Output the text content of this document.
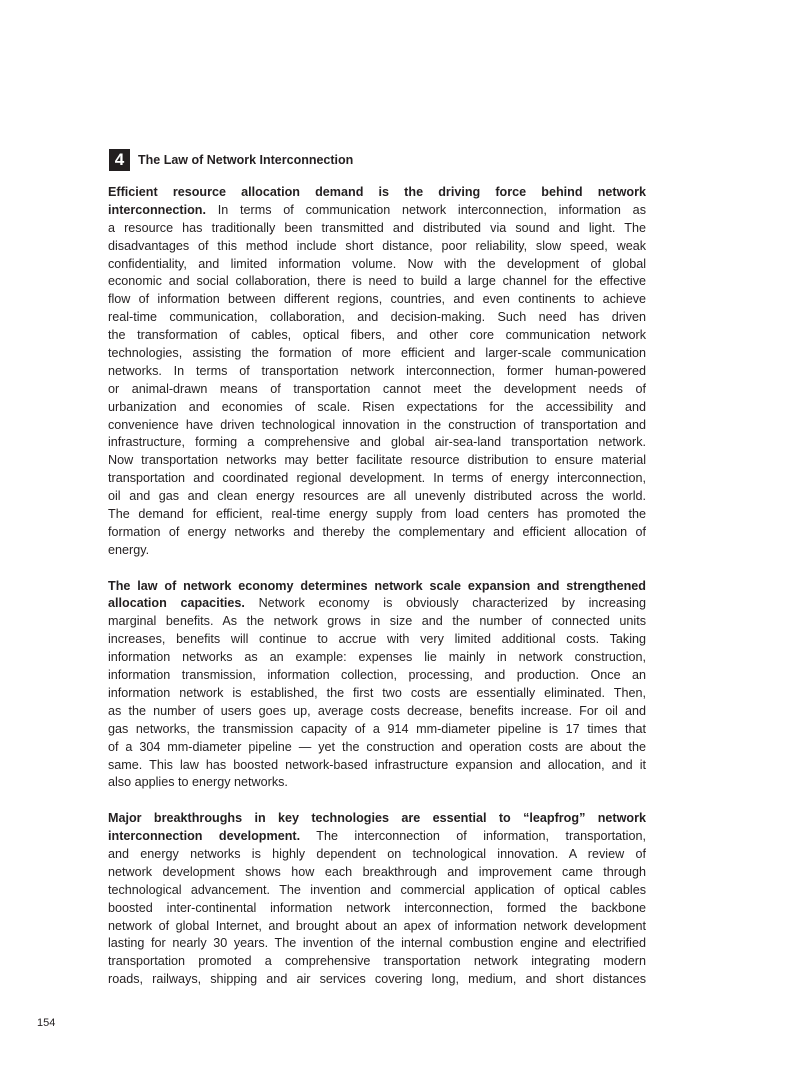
4	The Law of Network Interconnection
Efficient resource allocation demand is the driving force behind network
interconnection. In terms of communication network interconnection, information as
a resource has traditionally been transmitted and distributed via sound and light. The
disadvantages of this method include short distance, poor reliability, slow speed, weak
confidentiality, and limited information volume. Now with the development of global
economic and social collaboration, there is need to build a large channel for the effective
flow of information between different regions, countries, and even continents to achieve
real-time communication, collaboration, and decision-making. Such need has driven
the transformation of cables, optical fibers, and other core communication network
technologies, assisting the formation of more efficient and larger-scale communication
networks. In terms of transportation network interconnection, former human-powered
or animal-drawn means of transportation cannot meet the development needs of
urbanization and economies of scale. Risen expectations for the accessibility and
convenience have driven technological innovation in the construction of transportation and
infrastructure, forming a comprehensive and global air-sea-land transportation network.
Now transportation networks may better facilitate resource distribution to ensure material
transportation and coordinated regional development. In terms of energy interconnection,
oil and gas and clean energy resources are all unevenly distributed across the world.
The demand for efficient, real-time energy supply from load centers has promoted the
formation of energy networks and thereby the complementary and efficient allocation of
energy.
The law of network economy determines network scale expansion and strengthened
allocation capacities. Network economy is obviously characterized by increasing
marginal benefits. As the network grows in size and the number of connected units
increases, benefits will continue to accrue with very limited additional costs. Taking
information networks as an example: expenses lie mainly in network construction,
information transmission, information collection, processing, and production. Once an
information network is established, the first two costs are essentially eliminated. Then,
as the number of users goes up, average costs decrease, benefits increase. For oil and
gas networks, the transmission capacity of a 914 mm-diameter pipeline is 17 times that
of a 304 mm-diameter pipeline — yet the construction and operation costs are about the
same. This law has boosted network-based infrastructure expansion and allocation, and it
also applies to energy networks.
Major breakthroughs in key technologies are essential to “leapfrog” network
interconnection development. The interconnection of information, transportation,
and energy networks is highly dependent on technological innovation. A review of
network development shows how each breakthrough and improvement came through
technological advancement. The invention and commercial application of optical cables
boosted inter-continental information network interconnection, formed the backbone
network of global Internet, and brought about an apex of information network development
lasting for nearly 30 years. The invention of the internal combustion engine and electrified
transportation promoted a comprehensive transportation network integrating modern
roads, railways, shipping and air services covering long, medium, and short distances
154
